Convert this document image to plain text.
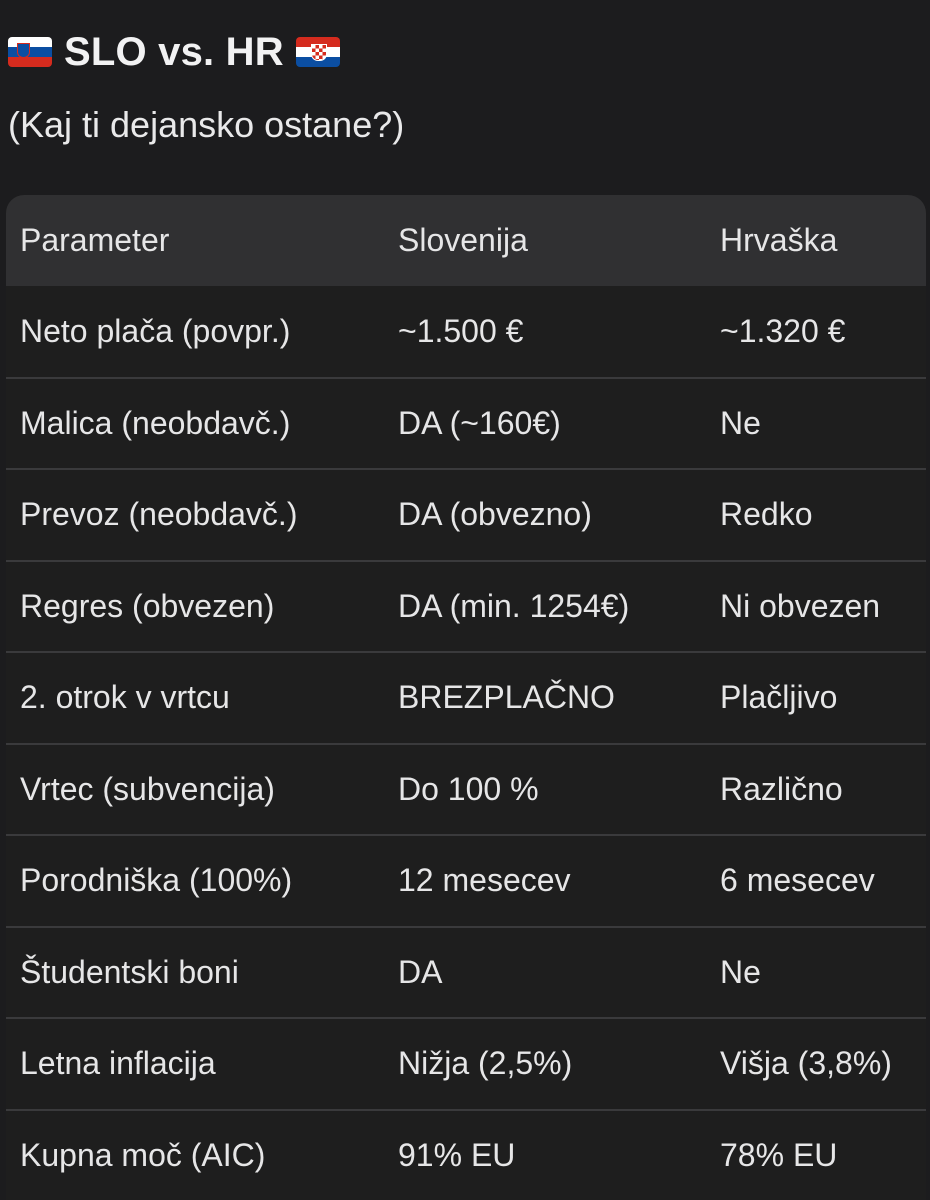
SLO vs. HR
(Kaj ti dejansko ostane?)
Parameter	Slovenija	Hrvaška
Neto plača (povpr.)	~1.500 €	~1.320 €
Malica (neobdavč.)	DA (~160€)	Ne
Prevoz (neobdavč.)	DA (obvezno)	Redko
Regres (obvezen)	DA (min. 1254€)	Ni obvezen
2. otrok v vrtcu	BREZPLAČNO	Plačljivo
Vrtec (subvencija)	Do 100 %	Različno
Porodniška (100%)	12 mesecev	6 mesecev
Študentski boni	DA	Ne
Letna inflacija	Nižja (2,5%)	Višja (3,8%)
Kupna moč (AIC)	91% EU	78% EU
